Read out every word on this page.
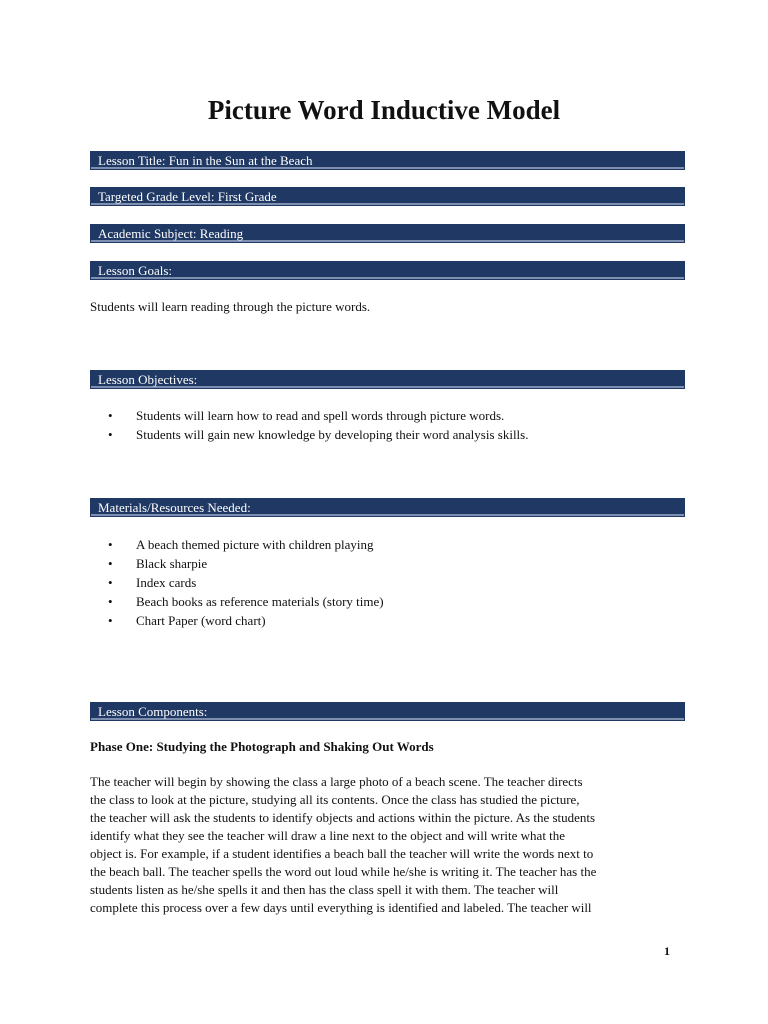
Picture Word Inductive Model
Lesson Title: Fun in the Sun at the Beach
Targeted Grade Level: First Grade
Academic Subject: Reading
Lesson Goals:

Students will learn reading through the picture words.

Lesson Objectives:
•	Students will learn how to read and spell words through picture words.
•	Students will gain new knowledge by developing their word analysis skills.
Materials/Resources Needed:
•	A beach themed picture with children playing
•	Black sharpie
•	Index cards
•	Beach books as reference materials (story time)
•	Chart Paper (word chart)
Lesson Components:

Phase One: Studying the Photograph and Shaking Out Words

The teacher will begin by showing the class a large photo of a beach scene. The teacher directs
the class to look at the picture, studying all its contents. Once the class has studied the picture,
the teacher will ask the students to identify objects and actions within the picture. As the students
identify what they see the teacher will draw a line next to the object and will write what the
object is. For example, if a student identifies a beach ball the teacher will write the words next to
the beach ball. The teacher spells the word out loud while he/she is writing it. The teacher has the
students listen as he/she spells it and then has the class spell it with them. The teacher will
complete this process over a few days until everything is identified and labeled. The teacher will

1
